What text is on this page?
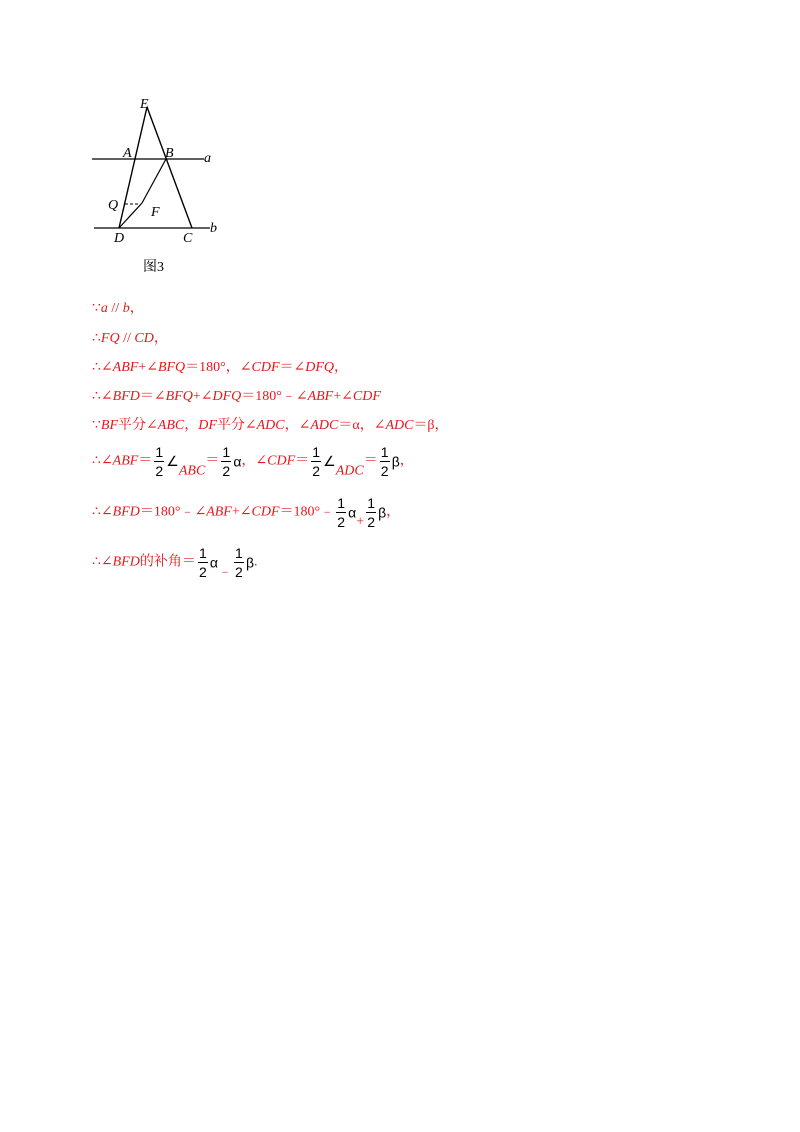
E
A B a
Q F
D	C
b
图3
∵a // b，
∴FQ // CD，
∴∠ABF+∠BFQ＝180°，∠CDF＝∠DFQ，
∴∠BFD＝∠BFQ+∠DFQ＝180°﹣∠ABF+∠CDF
∵BF平分∠ABC，DF平分∠ADC，∠ADC＝α，∠ADC＝β，
∴∠ABF＝ $\frac{1}{2}$ ∠ABC＝ $\frac{1}{2}$ α，∠CDF＝ $\frac{1}{2}$ ∠ADC＝ $\frac{1}{2}$ β，
∴∠BFD＝180°﹣∠ABF+∠CDF＝180°﹣ $\frac{1}{2} \alpha+ \frac{1}{2}$ β，
∴∠BFD的补角＝ $\frac{1}{2}$ α﹣ $\frac{1}{2} \beta$.
